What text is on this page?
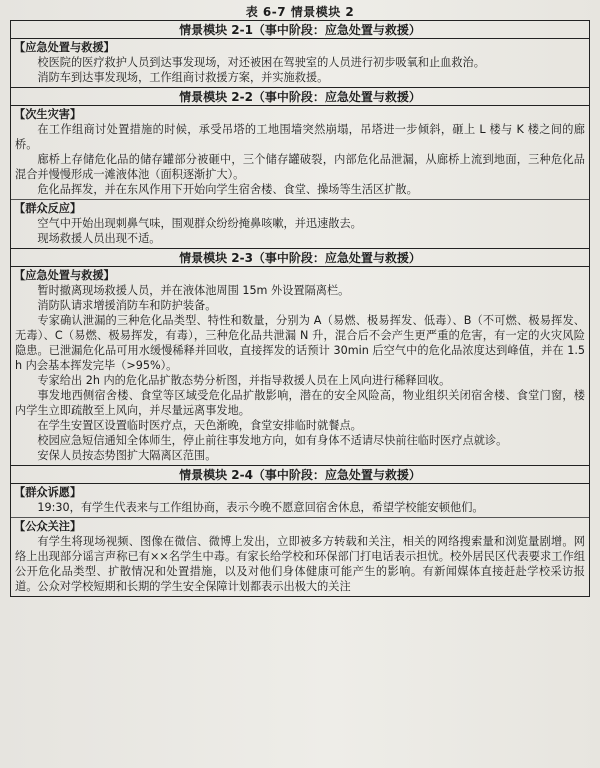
表 6-7 情景模块 2
情景模块 2-1（事中阶段：应急处置与救援）
【应急处置与救援】
校医院的医疗救护人员到达事发现场，对还被困在驾驶室的人员进行初步吸氧和止血救治。
消防车到达事发现场，工作组商讨救援方案，并实施救援。
情景模块 2-2（事中阶段：应急处置与救援）
【次生灾害】
在工作组商讨处置措施的时候，承受吊塔的工地围墙突然崩塌，吊塔进一步倾斜，砸上 L 楼与 K 楼之间的廊桥。
廊桥上存储危化品的储存罐部分被砸中，三个储存罐破裂，内部危化品泄漏，从廊桥上流到地面，三种危化品混合并慢慢形成一滩液体池（面积逐渐扩大）。
危化品挥发，并在东风作用下开始向学生宿舍楼、食堂、操场等生活区扩散。
【群众反应】
空气中开始出现刺鼻气味，围观群众纷纷掩鼻咳嗽，并迅速散去。
现场救援人员出现不适。
情景模块 2-3（事中阶段：应急处置与救援）
【应急处置与救援】
暂时撤离现场救援人员，并在液体池周围 15m 外设置隔离栏。
消防队请求增援消防车和防护装备。
专家确认泄漏的三种危化品类型、特性和数量，分别为 A（易燃、极易挥发、低毒）、B（不可燃、极易挥发、无毒）、C（易燃、极易挥发，有毒），三种危化品共泄漏 N 升，混合后不会产生更严重的危害，有一定的火灾风险隐患。已泄漏危化品可用水缓慢稀释并回收，直接挥发的话预计 30min 后空气中的危化品浓度达到峰值，并在 1.5h 内会基本挥发完毕（>95%）。
专家给出 2h 内的危化品扩散态势分析图，并指导救援人员在上风向进行稀释回收。
事发地西侧宿舍楼、食堂等区域受危化品扩散影响，潜在的安全风险高，物业组织关闭宿舍楼、食堂门窗，楼内学生立即疏散至上风向，并尽量远离事发地。
在学生安置区设置临时医疗点，天色渐晚，食堂安排临时就餐点。
校园应急短信通知全体师生，停止前往事发地方向，如有身体不适请尽快前往临时医疗点就诊。
安保人员按态势图扩大隔离区范围。
情景模块 2-4（事中阶段：应急处置与救援）
【群众诉愿】
19:30，有学生代表来与工作组协商，表示今晚不愿意回宿舍休息，希望学校能安顿他们。
【公众关注】
有学生将现场视频、图像在微信、微博上发出，立即被多方转载和关注，相关的网络搜索量和浏览量剧增。网络上出现部分谣言声称已有××名学生中毒。有家长给学校和环保部门打电话表示担忧。校外居民区代表要求工作组公开危化品类型、扩散情况和处置措施，以及对他们身体健康可能产生的影响。有新闻媒体直接赶赴学校采访报道。公众对学校短期和长期的学生安全保障计划都表示出极大的关注
